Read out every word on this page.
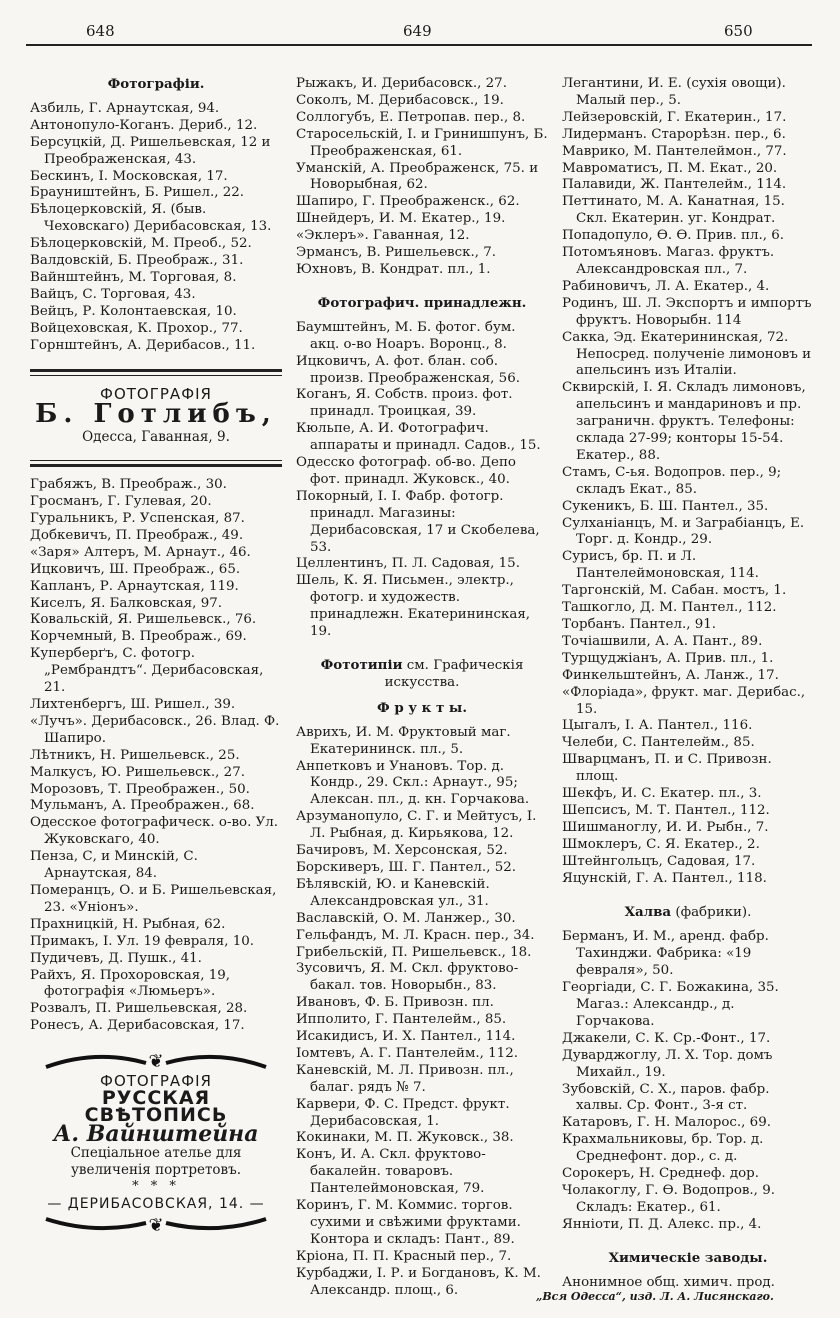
648	649	650

Фотографіи.

Азбиль, Г. Арнаутская, 94.

Антонопуло-Коганъ. Дериб., 12.

Берсуцкій, Д. Ришельевская, 12 и Преображенская, 43.

Бескинъ, І. Московская, 17.

Брауништейнъ, Б. Ришел., 22.

Бѣлоцерковскій, Я. (быв. Чеховскаго) Дерибасовская, 13.

Бѣлоцерковскій, М. Преоб., 52.

Валдовскій, Б. Преображ., 31.

Вайнштейнъ, М. Торговая, 8.

Вайцъ, С. Торговая, 43.

Вейцъ, Р. Колонтаевская, 10.

Войцеховская, К. Прохор., 77.

Горнштейнъ, А. Дерибасов., 11.

ФОТОГРАФІЯ
Б. Готлибъ,
Одесса, Гаванная, 9.

Грабяжъ, В. Преображ., 30.

Гросманъ, Г. Гулевая, 20.

Гуральникъ, Р. Успенская, 87.

Добкевичъ, П. Преображ., 49.

«Заря» Алтеръ, М. Арнаут., 46.

Ицковичъ, Ш. Преображ., 65.

Капланъ, Р. Арнаутская, 119.

Киселъ, Я. Балковская, 97.

Ковальскій, Я. Ришельевск., 76.

Корчемный, В. Преображ., 69.

Куперберґъ, С. фотогр. „Рембрандтъ“. Дерибасовская, 21.

Лихтенбергъ, Ш. Ришел., 39.

«Лучъ». Дерибасовск., 26. Влад. Ф. Шапиро.

Лѣтникъ, Н. Ришельевск., 25.

Малкусъ, Ю. Ришельевск., 27.

Морозовъ, Т. Преображен., 50.

Мульманъ, А. Преображен., 68.

Одесское фотографическ. о-во. Ул. Жуковскаго, 40.

Пенза, С, и Минскій, С. Арнаутская, 84.

Померанцъ, О. и Б. Ришельевская, 23. «Уніонъ».

Прахницкій, Н. Рыбная, 62.

Примакъ, І. Ул. 19 февраля, 10.

Пудичевъ, Д. Пушк., 41.

Райхъ, Я. Прохоровская, 19, фотографія «Люмьеръ».

Розвалъ, П. Ришельевская, 28.

Ронесъ, А. Дерибасовская, 17.

❦
ФОТОГРАФІЯ
РУССКАЯ СВѢТОПИСЬ
А. Вайнштейна
Спеціальное ателье для увеличенія портретовъ.
* * *
— ДЕРИБАСОВСКАЯ, 14. —
❦

Рыжакъ, И. Дерибасовск., 27.

Соколъ, М. Дерибасовск., 19.

Соллогубъ, Е. Петропав. пер., 8.

Старосельскій, І. и Гринишпунъ, Б. Преображенская, 61.

Уманскій, А. Преображенск, 75. и Новорыбная, 62.

Шапиро, Г. Преображенск., 62.

Шнейдеръ, И. М. Екатер., 19.

«Эклеръ». Гаванная, 12.

Эрмансъ, В. Ришельевск., 7.

Юхновъ, В. Кондрат. пл., 1.

Фотографич. принадлежн.

Баумштейнъ, М. Б. фотог. бум. акц. о-во Ноаръ. Воронц., 8.

Ицковичъ, А. фот. блан. соб. произв. Преображенская, 56.

Коганъ, Я. Собств. произ. фот. принадл. Троицкая, 39.

Кюльпе, А. И. Фотографич. аппараты и принадл. Садов., 15.

Одесско фотограф. об-во. Депо фот. принадл. Жуковск., 40.

Покорный, І. І. Фабр. фотогр. принадл. Магазины: Дерибасовская, 17 и Скобелева, 53.

Целлентинъ, П. Л. Садовая, 15.

Шель, К. Я. Письмен., электр., фотогр. и художеств. принадлежн. Екатерининская, 19.

Фототипіи см. Графическія искусства.

Ф р у к т ы.

Аврихъ, И. М. Фруктовый маг. Екатерининск. пл., 5.

Анпетковъ и Унановъ. Тор. д. Кондр., 29. Скл.: Арнаут., 95; Алексан. пл., д. кн. Горчакова.

Арзуманопуло, С. Г. и Мейтусъ, І. Л. Рыбная, д. Кирьякова, 12.

Бачировъ, М. Херсонская, 52.

Борскиверъ, Ш. Г. Пантел., 52.

Бѣлявскій, Ю. и Каневскій. Александровская ул., 31.

Ваславскій, О. М. Ланжер., 30.

Гельфандъ, М. Л. Красн. пер., 34.

Грибельскій, П. Ришельевск., 18.

Зусовичъ, Я. М. Скл. фруктово-бакал. тов. Новорыбн., 83.

Ивановъ, Ф. Б. Привозн. пл.

Ипполито, Г. Пантелейм., 85.

Исакидисъ, И. Х. Пантел., 114.

Іомтевъ, А. Г. Пантелейм., 112.

Каневскій, М. Л. Привозн. пл., балаг. рядъ № 7.

Карвери, Ф. С. Предст. фрукт. Дерибасовская, 1.

Кокинаки, М. П. Жуковск., 38.

Конъ, И. А. Скл. фруктово-бакалейн. товаровъ. Пантелеймоновская, 79.

Коринъ, Г. М. Коммис. торгов. сухими и свѣжими фруктами. Контора и складъ: Пант., 89.

Кріона, П. П. Красный пер., 7.

Курбаджи, І. Р. и Богдановъ, К. М. Александр. площ., 6.

Легантини, И. Е. (сухія овощи). Малый пер., 5.

Лейзеровскій, Г. Екатерин., 17.

Лидерманъ. Старорѣзн. пер., 6.

Маврико, М. Пантелеймон., 77.

Мавроматисъ, П. М. Екат., 20.

Палавиди, Ж. Пантелейм., 114.

Петтинато, М. А. Канатная, 15. Скл. Екатерин. уг. Кондрат.

Попадопуло, Ѳ. Ѳ. Прив. пл., 6.

Потомъяновъ. Магаз. фруктъ. Александровская пл., 7.

Рабиновичъ, Л. А. Екатер., 4.

Родинъ, Ш. Л. Экспортъ и импортъ фруктъ. Новорыбн. 114

Сакка, Эд. Екатерининская, 72. Непосред. полученіе лимоновъ и апельсинъ изъ Италіи.

Сквирскій, І. Я. Складъ лимоновъ, апельсинъ и мандариновъ и пр. заграничн. фруктъ. Телефоны: склада 27-99; конторы 15-54. Екатер., 88.

Стамъ, С-ья. Водопров. пер., 9; складъ Екат., 85.

Сукеникъ, Б. Ш. Пантел., 35.

Сулханіанцъ, М. и Заграбіанцъ, Е. Торг. д. Кондр., 29.

Сурисъ, бр. П. и Л. Пантелеймоновская, 114.

Таргонскій, М. Сабан. мостъ, 1.

Ташкогло, Д. М. Пантел., 112.

Торбанъ. Пантел., 91.

Точіашвили, А. А. Пант., 89.

Турщуджіанъ, А. Прив. пл., 1.

Финкельштейнъ, А. Ланж., 17.

«Флоріада», фрукт. маг. Дерибас., 15.

Цыгалъ, І. А. Пантел., 116.

Челеби, С. Пантелейм., 85.

Шварцманъ, П. и С. Привозн. площ.

Шекфъ, И. С. Екатер. пл., 3.

Шепсисъ, М. Т. Пантел., 112.

Шишманоглу, И. И. Рыбн., 7.

Шмоклеръ, С. Я. Екатер., 2.

Штейнгольцъ, Садовая, 17.

Яцунскій, Г. А. Пантел., 118.

Халва (фабрики).

Берманъ, И. М., аренд. фабр. Тахинджи. Фабрика: «19 февраля», 50.

Георгіади, С. Г. Божакина, 35. Магаз.: Александр., д. Горчакова.

Джакели, С. К. Ср.-Фонт., 17.

Дуварджоглу, Л. Х. Тор. домъ Михайл., 19.

Зубовскій, С. Х., паров. фабр. халвы. Ср. Фонт., 3-я ст.

Катаровъ, Г. Н. Малорос., 69.

Крахмальниковы, бр. Тор. д. Среднефонт. дор., с. д.

Сорокеръ, Н. Среднеф. дор.

Чолакоглу, Г. Ѳ. Водопров., 9. Складъ: Екатер., 61.

Янніоти, П. Д. Алекс. пр., 4.

Химическіе заводы.

Анонимное общ. химич. прод.

„Вся Одесса“, изд. Л. А. Лисянскаго.
